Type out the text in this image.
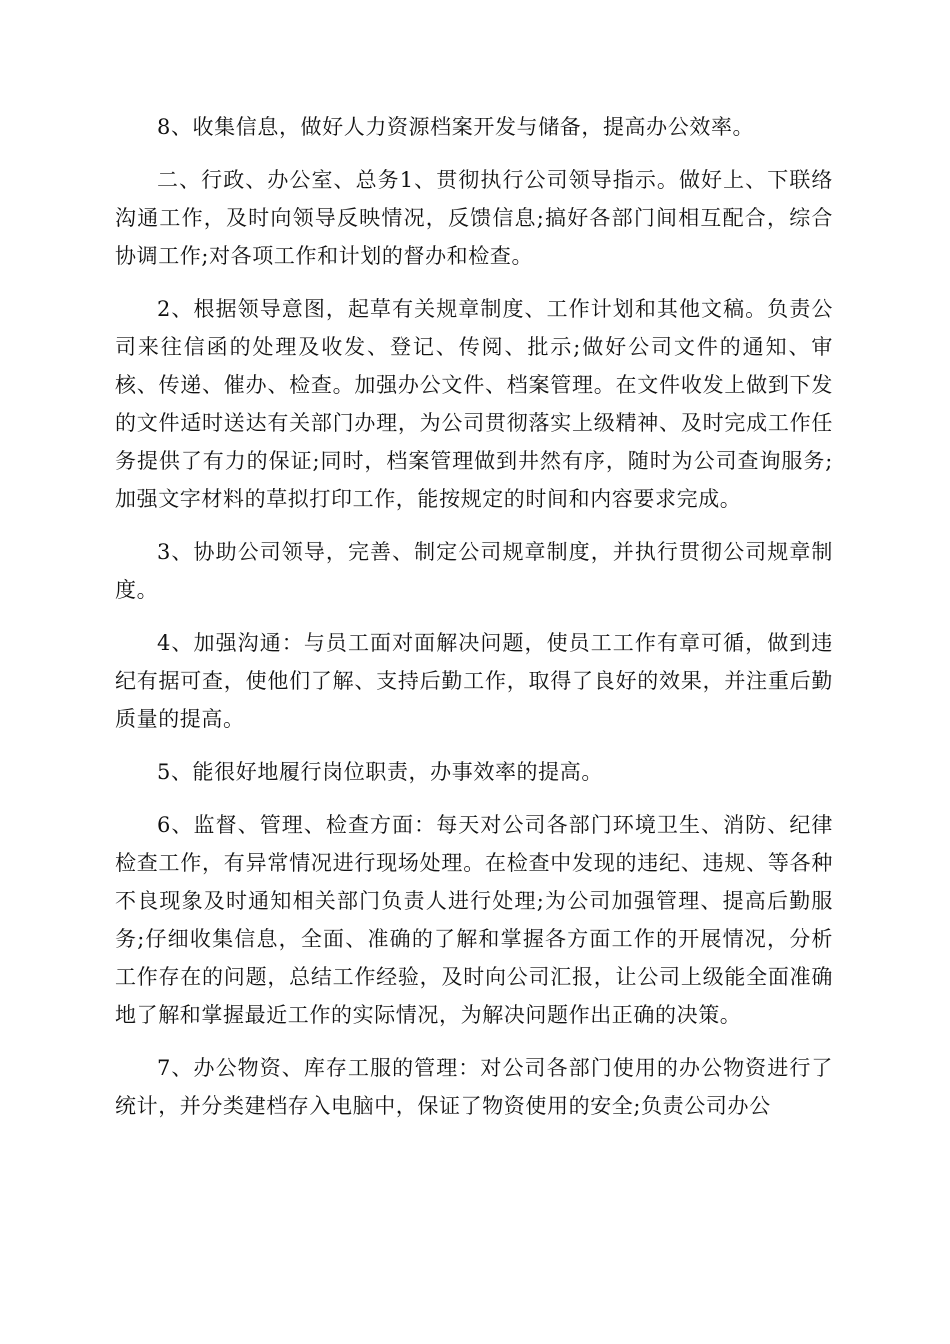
8、收集信息，做好人力资源档案开发与储备，提高办公效率。

二、行政、办公室、总务1、贯彻执行公司领导指示。做好上、下联络沟通工作，及时向领导反映情况，反馈信息;搞好各部门间相互配合，综合协调工作;对各项工作和计划的督办和检查。

2、根据领导意图，起草有关规章制度、工作计划和其他文稿。负责公司来往信函的处理及收发、登记、传阅、批示;做好公司文件的通知、审核、传递、催办、检查。加强办公文件、档案管理。在文件收发上做到下发的文件适时送达有关部门办理，为公司贯彻落实上级精神、及时完成工作任务提供了有力的保证;同时，档案管理做到井然有序，随时为公司查询服务;加强文字材料的草拟打印工作，能按规定的时间和内容要求完成。

3、协助公司领导，完善、制定公司规章制度，并执行贯彻公司规章制度。

4、加强沟通：与员工面对面解决问题，使员工工作有章可循，做到违纪有据可查，使他们了解、支持后勤工作，取得了良好的效果，并注重后勤质量的提高。

5、能很好地履行岗位职责，办事效率的提高。

6、监督、管理、检查方面：每天对公司各部门环境卫生、消防、纪律检查工作，有异常情况进行现场处理。在检查中发现的违纪、违规、等各种不良现象及时通知相关部门负责人进行处理;为公司加强管理、提高后勤服务;仔细收集信息，全面、准确的了解和掌握各方面工作的开展情况，分析工作存在的问题，总结工作经验，及时向公司汇报，让公司上级能全面准确地了解和掌握最近工作的实际情况，为解决问题作出正确的决策。

7、办公物资、库存工服的管理：对公司各部门使用的办公物资进行了统计，并分类建档存入电脑中，保证了物资使用的安全;负责公司办公
